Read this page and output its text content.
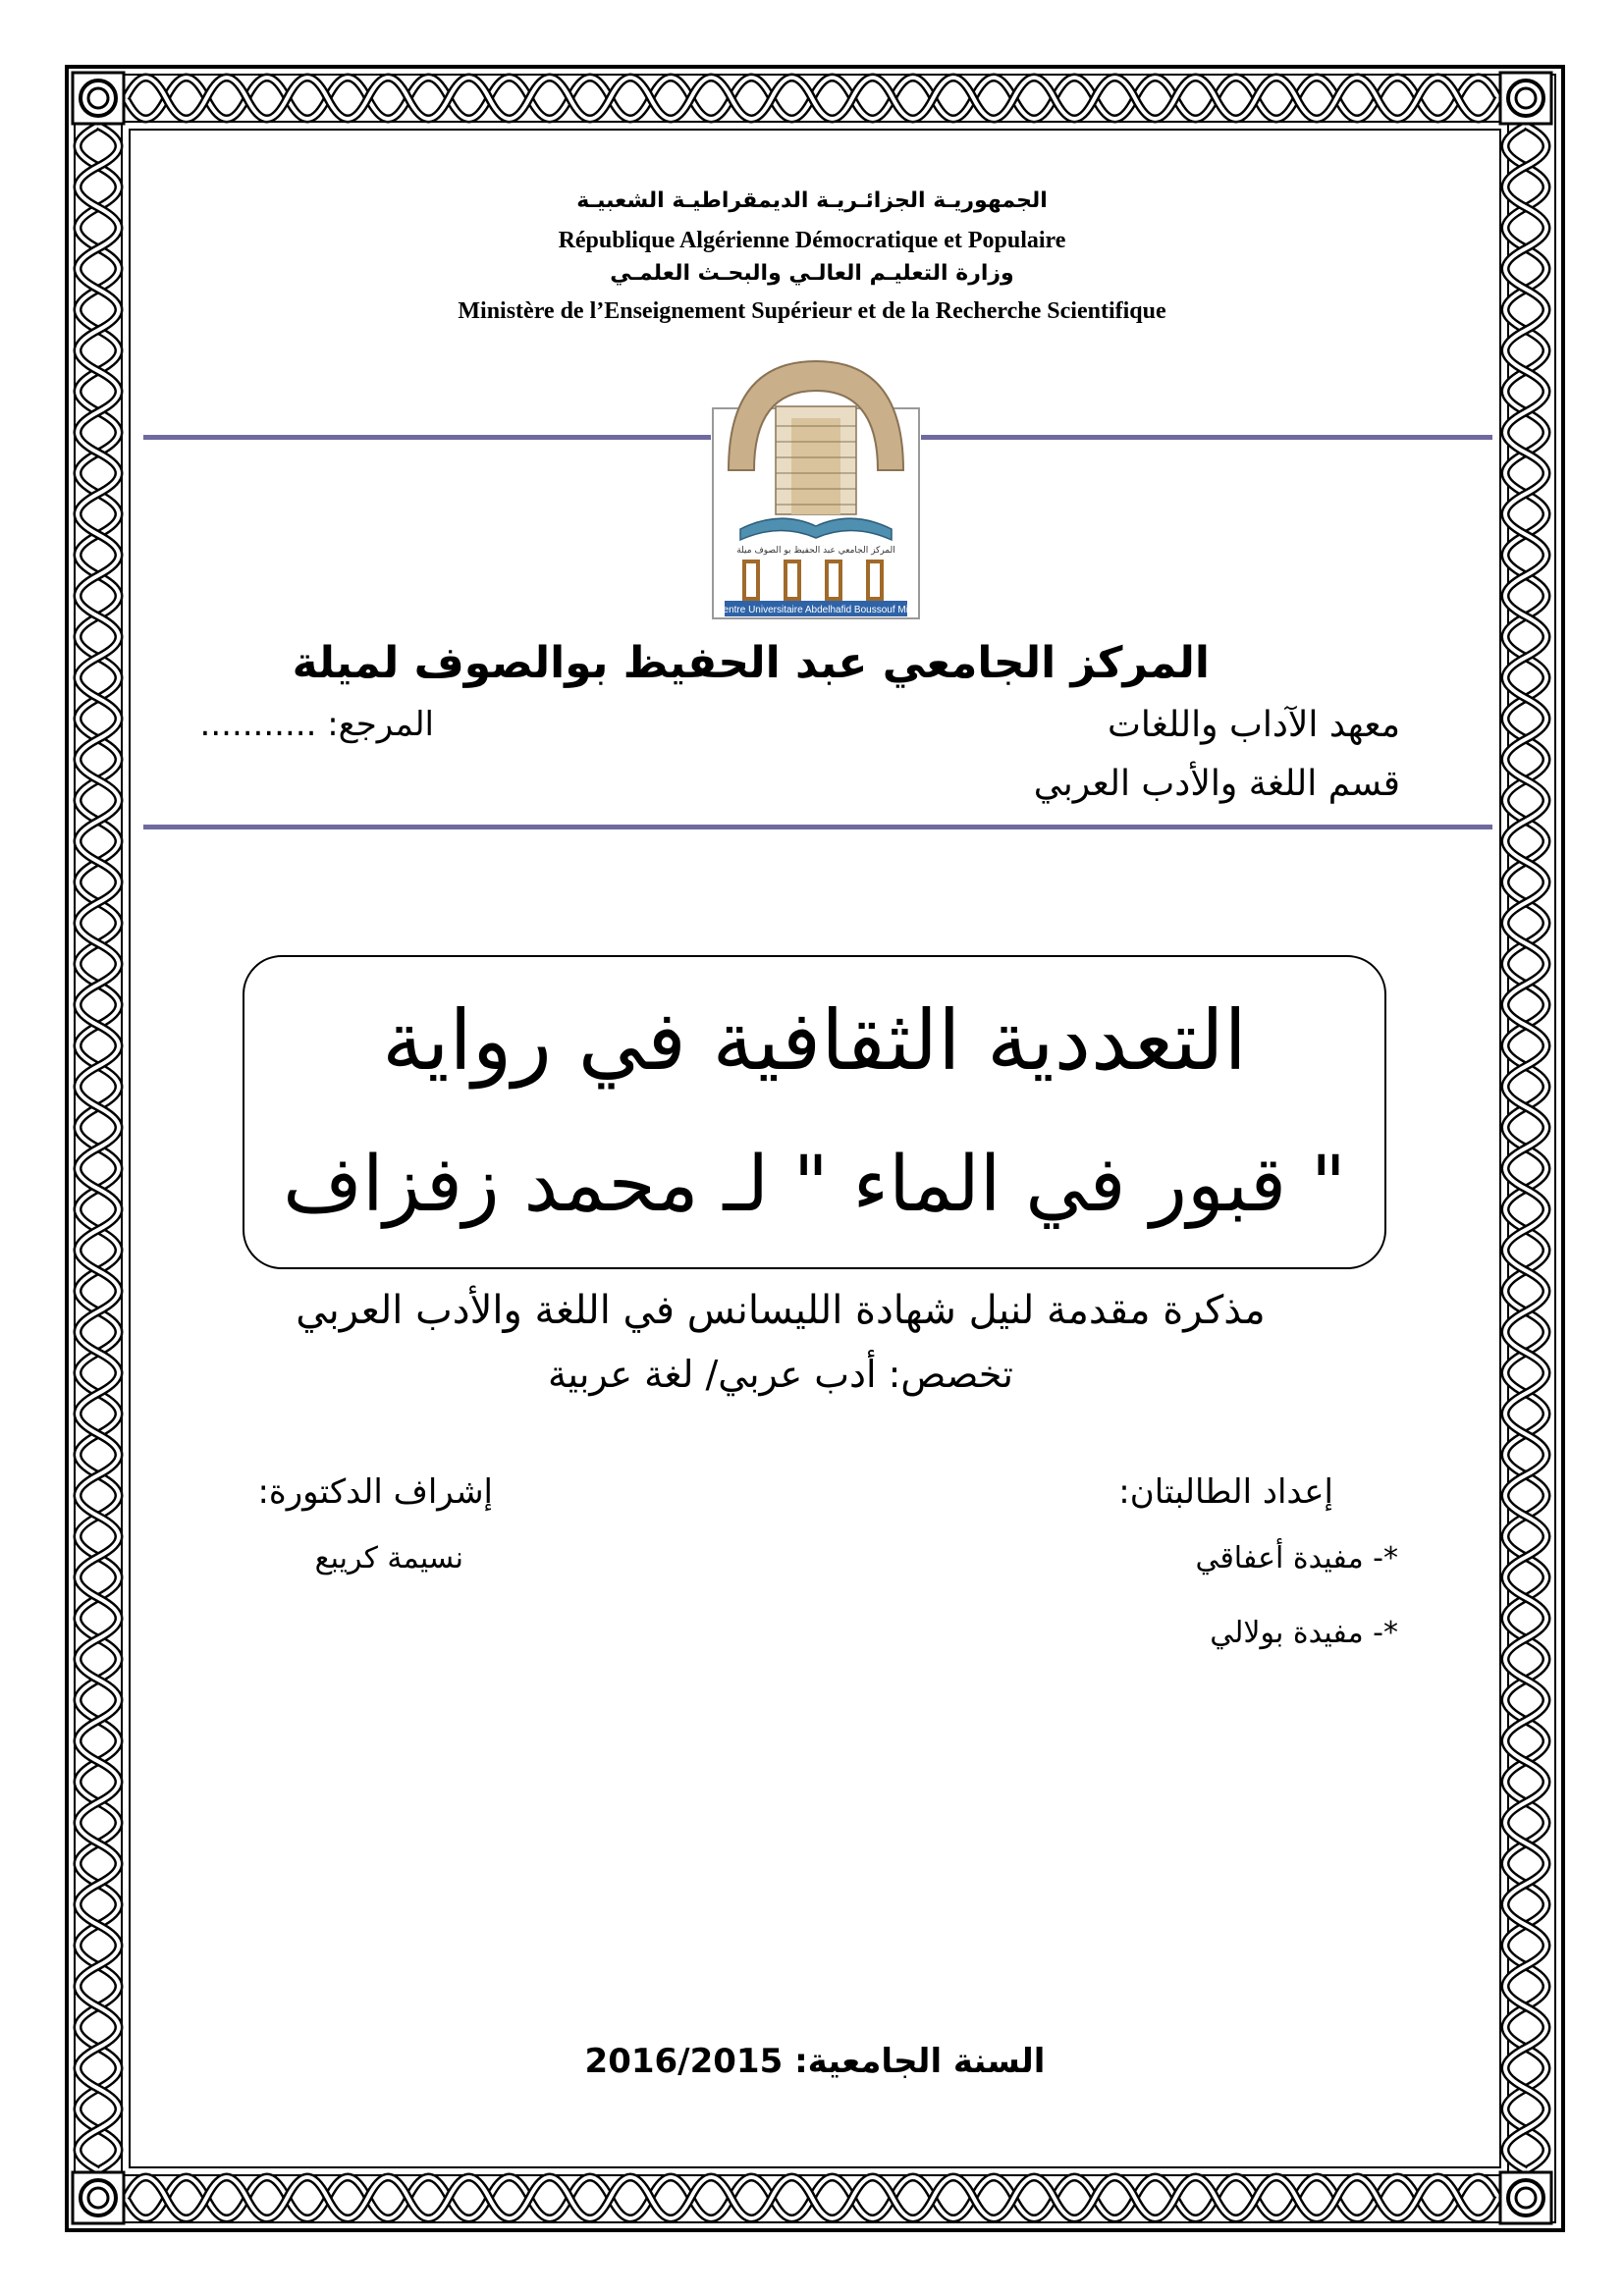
الجمهوريـة الجزائـريـة الديمقراطيـة الشعبيـة
République Algérienne Démocratique et Populaire
وزارة التعليـم العالـي والبحـث العلمـي
Ministère de l’Enseignement Supérieur et de la Recherche Scientifique
المركز الجامعي عبد الحفيظ بو الصوف ميلة
Centre Universitaire Abdelhafid Boussouf Mila
المركز الجامعي عبد الحفيظ بوالصوف لميلة
معهد الآداب واللغات
المرجع: ...........
قسم اللغة والأدب العربي
التعددية الثقافية في رواية
" قبور في الماء " لـ محمد زفزاف
مذكرة مقدمة لنيل شهادة الليسانس في اللغة والأدب العربي
تخصص: أدب عربي/ لغة عربية
إعداد الطالبتان:
*- مفيدة أعفاقي
*- مفيدة بولالي
إشراف الدكتورة:
نسيمة كريبع
السنة الجامعية: 2016/2015
